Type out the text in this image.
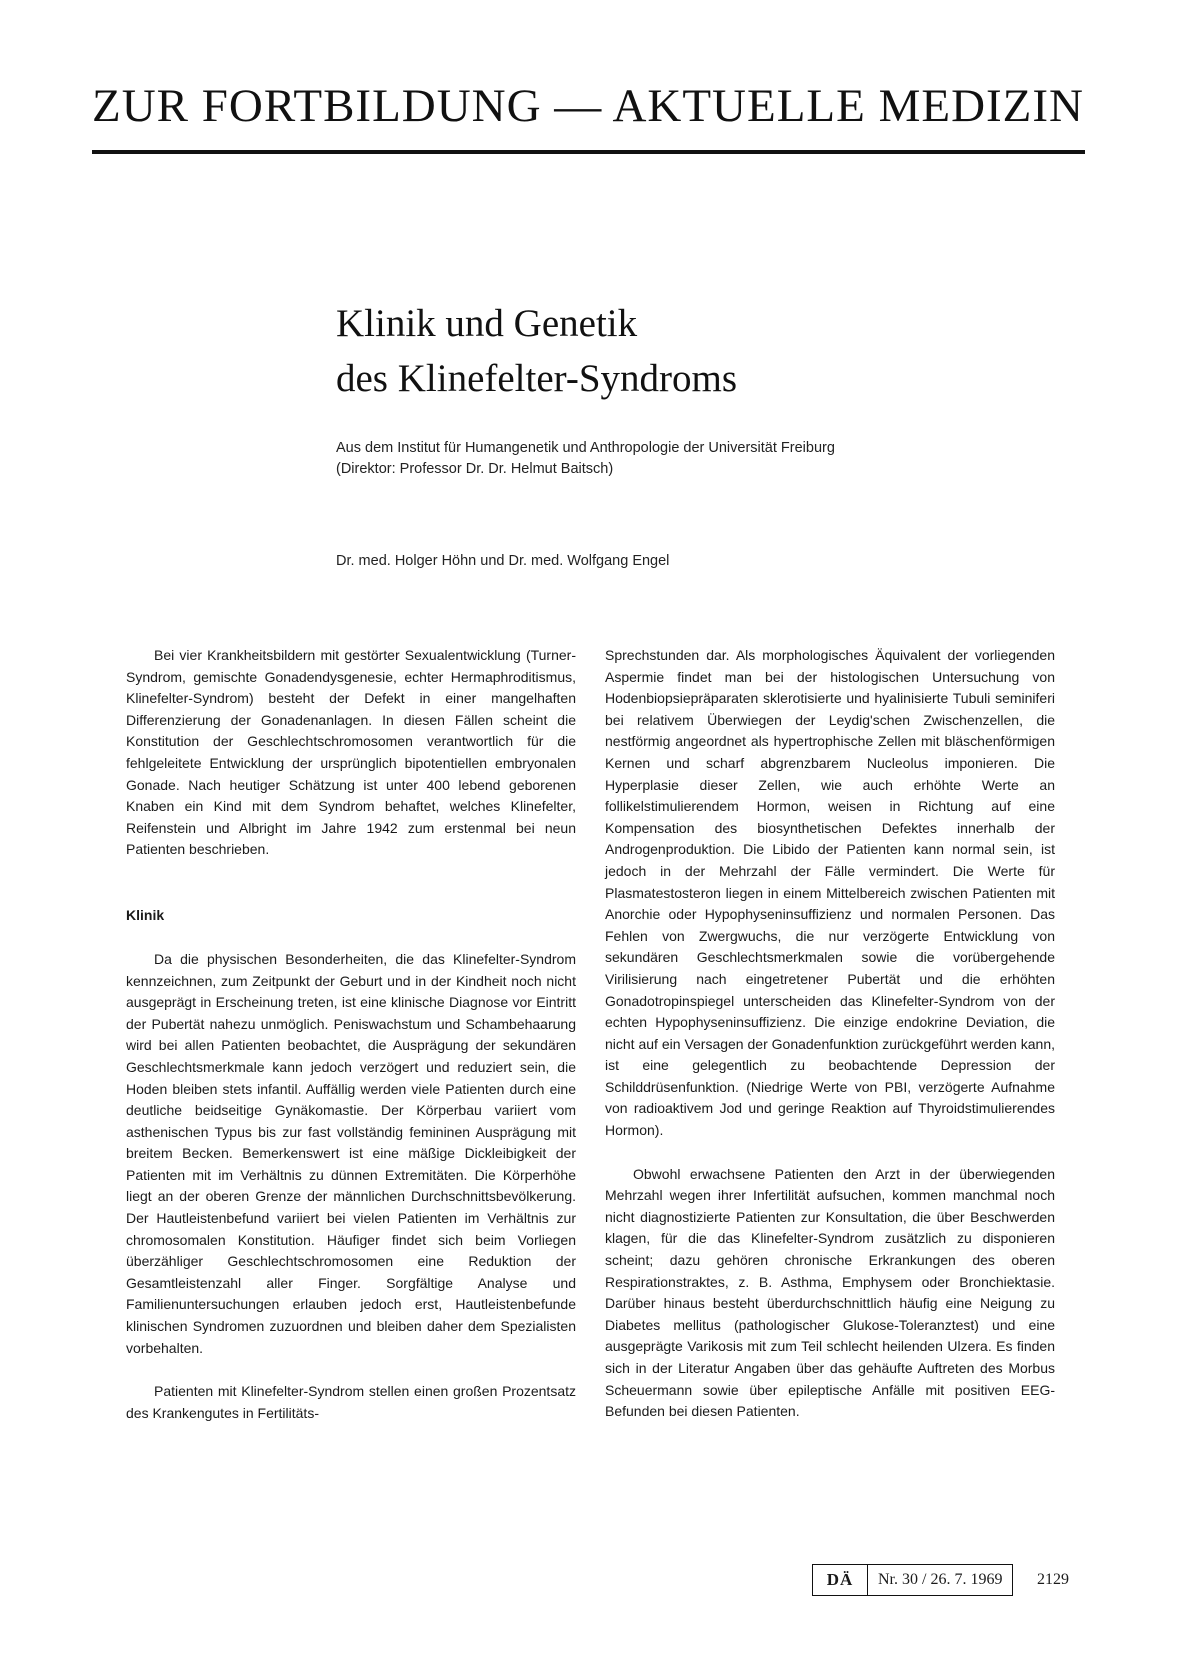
ZUR FORTBILDUNG — AKTUELLE MEDIZIN
Klinik und Genetik
des Klinefelter-Syndroms
Aus dem Institut für Humangenetik und Anthropologie der Universität Freiburg
(Direktor: Professor Dr. Dr. Helmut Baitsch)
Dr. med. Holger Höhn und Dr. med. Wolfgang Engel

Bei vier Krankheitsbildern mit gestörter Sexualentwicklung (Turner-Syndrom, gemischte Gonadendysgenesie, echter Hermaphroditismus, Klinefelter-Syndrom) besteht der Defekt in einer mangelhaften Differenzierung der Gonadenanlagen. In diesen Fällen scheint die Konstitution der Geschlechtschromosomen verantwortlich für die fehlgeleitete Entwicklung der ursprünglich bipotentiellen embryonalen Gonade. Nach heutiger Schätzung ist unter 400 lebend geborenen Knaben ein Kind mit dem Syndrom behaftet, welches Klinefelter, Reifenstein und Albright im Jahre 1942 zum erstenmal bei neun Patienten beschrieben.

Klinik

Da die physischen Besonderheiten, die das Klinefelter-Syndrom kennzeichnen, zum Zeitpunkt der Geburt und in der Kindheit noch nicht ausgeprägt in Erscheinung treten, ist eine klinische Diagnose vor Eintritt der Pubertät nahezu unmöglich. Peniswachstum und Schambehaarung wird bei allen Patienten beobachtet, die Ausprägung der sekundären Geschlechtsmerkmale kann jedoch verzögert und reduziert sein, die Hoden bleiben stets infantil. Auffällig werden viele Patienten durch eine deutliche beidseitige Gynäkomastie. Der Körperbau variiert vom asthenischen Typus bis zur fast vollständig femininen Ausprägung mit breitem Becken. Bemerkenswert ist eine mäßige Dickleibigkeit der Patienten mit im Verhältnis zu dünnen Extremitäten. Die Körperhöhe liegt an der oberen Grenze der männlichen Durchschnittsbevölkerung. Der Hautleistenbefund variiert bei vielen Patienten im Verhältnis zur chromosomalen Konstitution. Häufiger findet sich beim Vorliegen überzähliger Geschlechtschromosomen eine Reduktion der Gesamtleistenzahl aller Finger. Sorgfältige Analyse und Familienuntersuchungen erlauben jedoch erst, Hautleistenbefunde klinischen Syndromen zuzuordnen und bleiben daher dem Spezialisten vorbehalten.

Patienten mit Klinefelter-Syndrom stellen einen großen Prozentsatz des Krankengutes in Fertilitäts-

Sprechstunden dar. Als morphologisches Äquivalent der vorliegenden Aspermie findet man bei der histologischen Untersuchung von Hodenbiopsiepräparaten sklerotisierte und hyalinisierte Tubuli seminiferi bei relativem Überwiegen der Leydig'schen Zwischenzellen, die nestförmig angeordnet als hypertrophische Zellen mit bläschenförmigen Kernen und scharf abgrenzbarem Nucleolus imponieren. Die Hyperplasie dieser Zellen, wie auch erhöhte Werte an follikelstimulierendem Hormon, weisen in Richtung auf eine Kompensation des biosynthetischen Defektes innerhalb der Androgenproduktion. Die Libido der Patienten kann normal sein, ist jedoch in der Mehrzahl der Fälle vermindert. Die Werte für Plasmatestosteron liegen in einem Mittelbereich zwischen Patienten mit Anorchie oder Hypophyseninsuffizienz und normalen Personen. Das Fehlen von Zwergwuchs, die nur verzögerte Entwicklung von sekundären Geschlechtsmerkmalen sowie die vorübergehende Virilisierung nach eingetretener Pubertät und die erhöhten Gonadotropinspiegel unterscheiden das Klinefelter-Syndrom von der echten Hypophyseninsuffizienz. Die einzige endokrine Deviation, die nicht auf ein Versagen der Gonadenfunktion zurückgeführt werden kann, ist eine gelegentlich zu beobachtende Depression der Schilddrüsenfunktion. (Niedrige Werte von PBI, verzögerte Aufnahme von radioaktivem Jod und geringe Reaktion auf Thyroidstimulierendes Hormon).

Obwohl erwachsene Patienten den Arzt in der überwiegenden Mehrzahl wegen ihrer Infertilität aufsuchen, kommen manchmal noch nicht diagnostizierte Patienten zur Konsultation, die über Beschwerden klagen, für die das Klinefelter-Syndrom zusätzlich zu disponieren scheint; dazu gehören chronische Erkrankungen des oberen Respirationstraktes, z. B. Asthma, Emphysem oder Bronchiektasie. Darüber hinaus besteht überdurchschnittlich häufig eine Neigung zu Diabetes mellitus (pathologischer Glukose-Toleranztest) und eine ausgeprägte Varikosis mit zum Teil schlecht heilenden Ulzera. Es finden sich in der Literatur Angaben über das gehäufte Auftreten des Morbus Scheuermann sowie über epileptische Anfälle mit positiven EEG-Befunden bei diesen Patienten.

DÄ	Nr. 30 / 26. 7. 1969	2129
